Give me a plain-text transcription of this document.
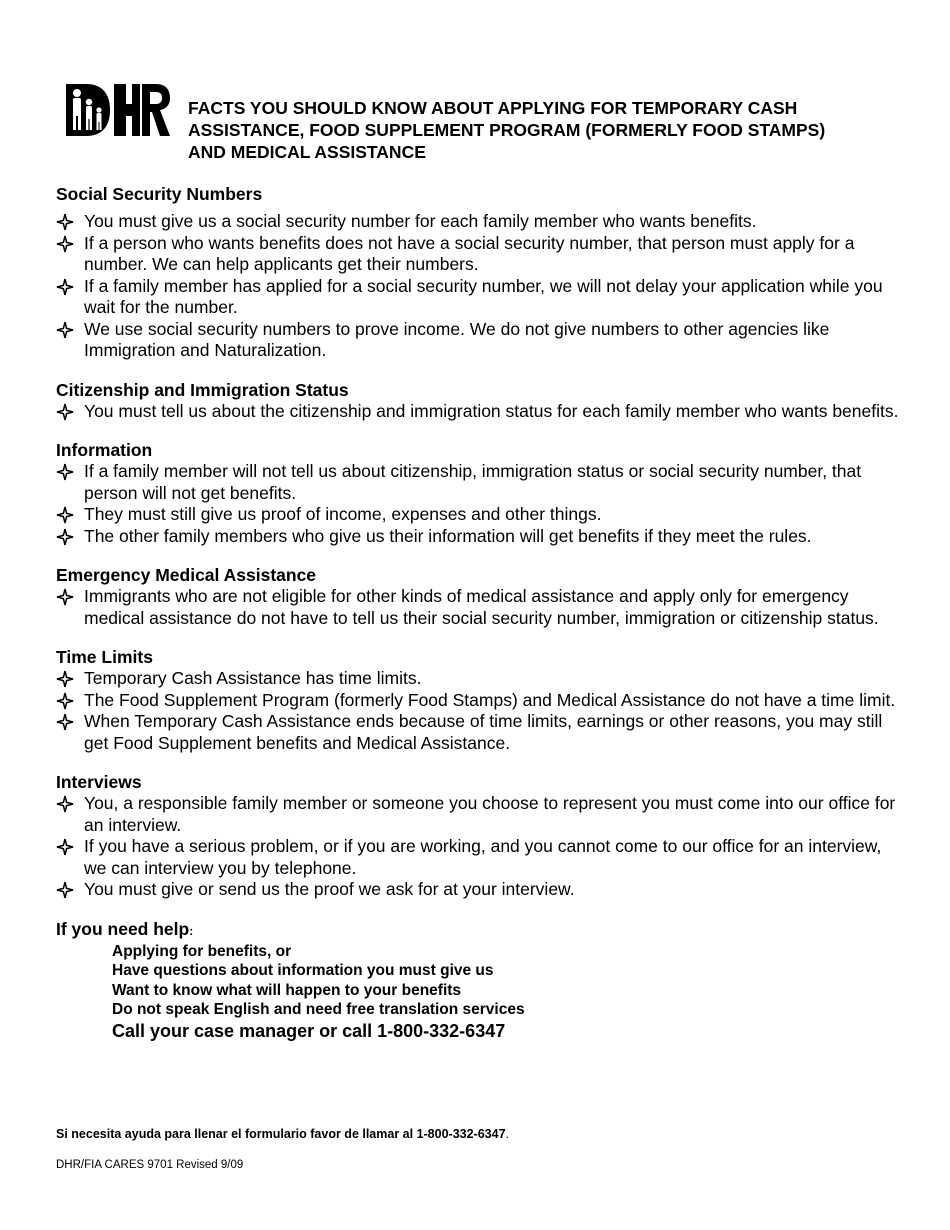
FACTS YOU SHOULD KNOW ABOUT APPLYING FOR TEMPORARY CASH
ASSISTANCE, FOOD SUPPLEMENT PROGRAM (FORMERLY FOOD STAMPS)
AND MEDICAL ASSISTANCE
Social Security Numbers
You must give us a social security number for each family member who wants benefits.
If a person who wants benefits does not have a social security number, that person must apply for a number. We can help applicants get their numbers.
If a family member has applied for a social security number, we will not delay your application while you wait for the number.
We use social security numbers to prove income. We do not give numbers to other agencies like Immigration and Naturalization.
Citizenship and Immigration Status
You must tell us about the citizenship and immigration status for each family member who wants benefits.
Information
If a family member will not tell us about citizenship, immigration status or social security number, that person will not get benefits.
They must still give us proof of income, expenses and other things.
The other family members who give us their information will get benefits if they meet the rules.
Emergency Medical Assistance
Immigrants who are not eligible for other kinds of medical assistance and apply only for emergency medical assistance do not have to tell us their social security number, immigration or citizenship status.
Time Limits
Temporary Cash Assistance has time limits.
The Food Supplement Program (formerly Food Stamps) and Medical Assistance do not have a time limit.
When Temporary Cash Assistance ends because of time limits, earnings or other reasons, you may still get Food Supplement benefits and Medical Assistance.
Interviews
You, a responsible family member or someone you choose to represent you must come into our office for an interview.
If you have a serious problem, or if you are working, and you cannot come to our office for an interview, we can interview you by telephone.
You must give or send us the proof we ask for at your interview.

If you need help:

Applying for benefits, or
Have questions about information you must give us
Want to know what will happen to your benefits
Do not speak English and need free translation services

Call your case manager or call 1-800-332-6347

Si necesita ayuda para llenar el formulario favor de llamar al 1-800-332-6347.

DHR/FIA CARES 9701 Revised 9/09
